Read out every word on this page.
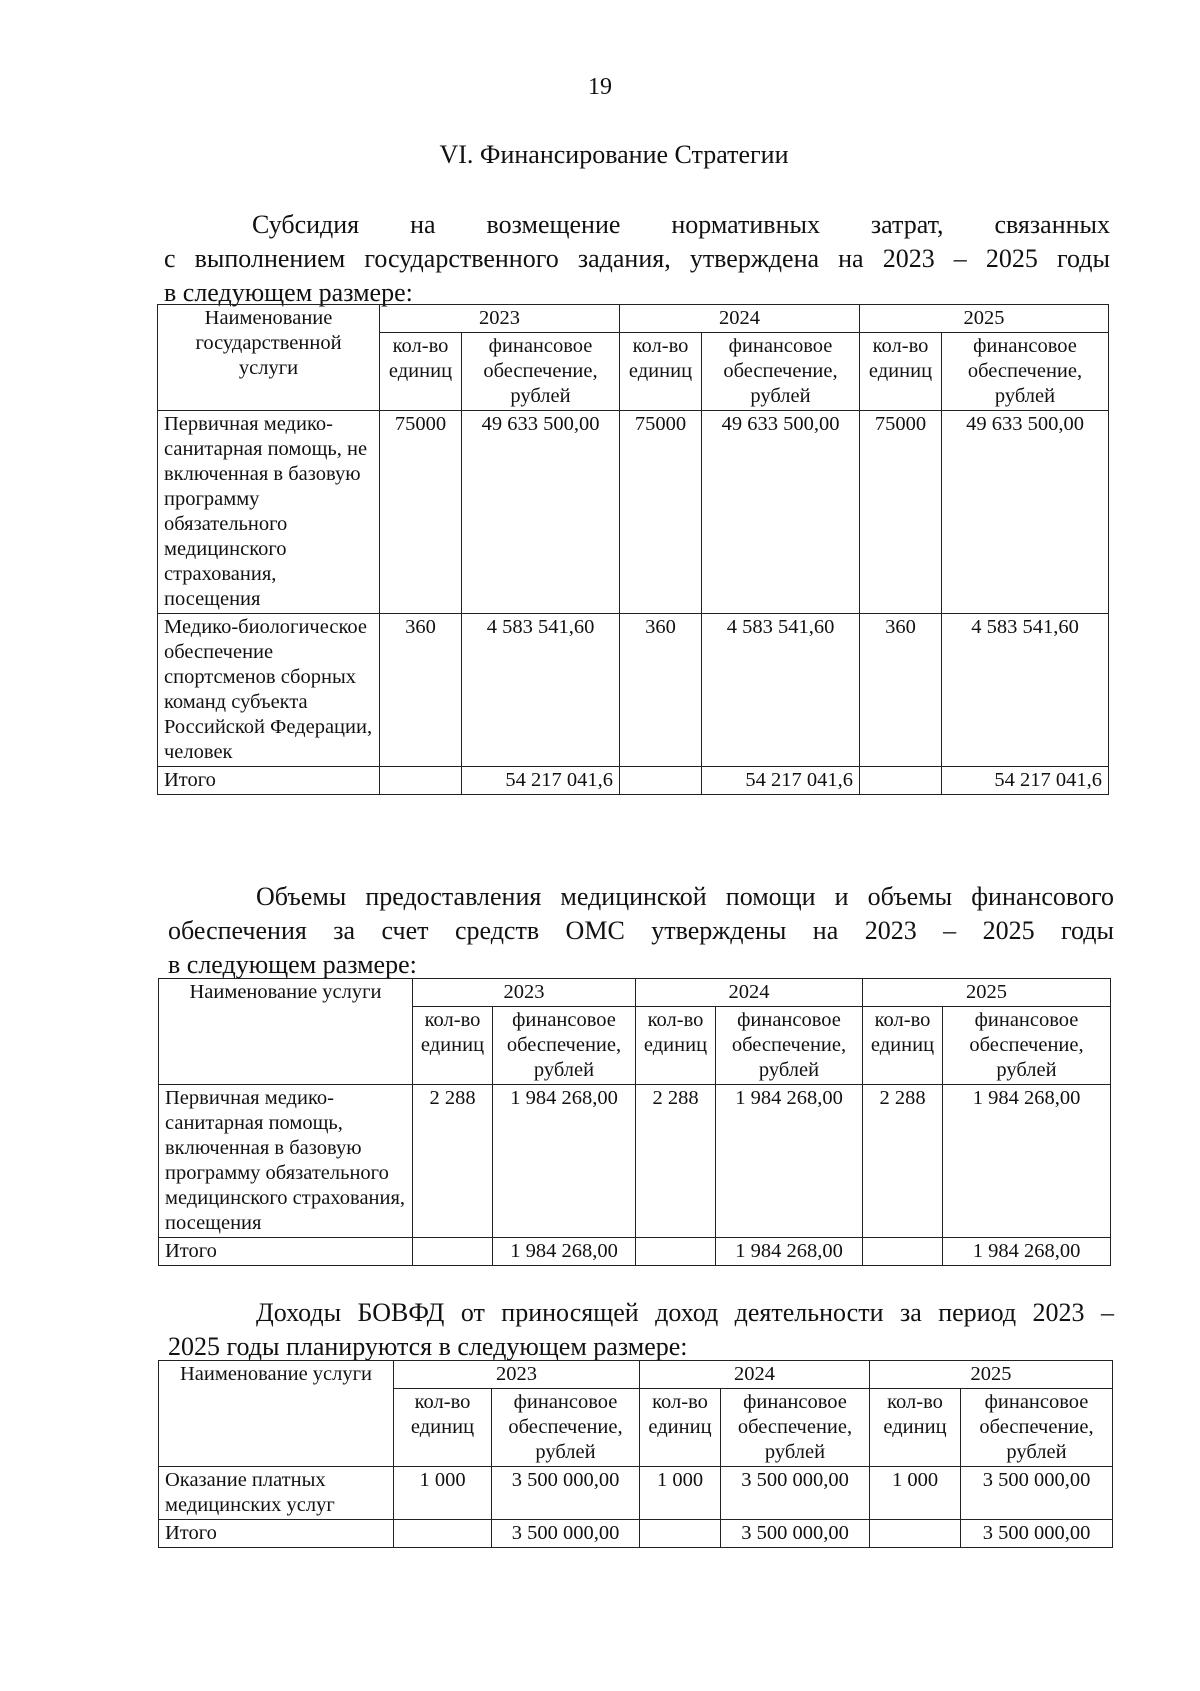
19
VI. Финансирование Стратегии
Субсидия на возмещение нормативных затрат, связанных
с выполнением государственного задания, утверждена на 2023 – 2025 годы
в следующем размере:
Наименование государственной услуги	2023		2024		2025	
	кол-во единиц	финансовое обеспечение, рублей	кол-во единиц	финансовое обеспечение, рублей	кол-во единиц	финансовое обеспечение, рублей
Первичная медико-санитарная помощь, не включенная в базовую программу обязательного медицинского страхования, посещения	75000	49 633 500,00	75000	49 633 500,00	75000	49 633 500,00
Медико-биологическое обеспечение спортсменов сборных команд субъекта Российской Федерации, человек	360	4 583 541,60	360	4 583 541,60	360	4 583 541,60
Итого		54 217 041,6		54 217 041,6		54 217 041,6
Объемы предоставления медицинской помощи и объемы финансового
обеспечения за счет средств ОМС утверждены на 2023 – 2025 годы
в следующем размере:
Наименование услуги	2023		2024		2025	
	кол-во единиц	финансовое обеспечение, рублей	кол-во единиц	финансовое обеспечение, рублей	кол-во единиц	финансовое обеспечение, рублей
Первичная медико-санитарная помощь, включенная в базовую программу обязательного медицинского страхования, посещения	2 288	1 984 268,00	2 288	1 984 268,00	2 288	1 984 268,00
Итого		1 984 268,00		1 984 268,00		1 984 268,00
Доходы БОВФД от приносящей доход деятельности за период 2023 –
2025 годы планируются в следующем размере:
Наименование услуги	2023		2024		2025	
	кол-во единиц	финансовое обеспечение, рублей	кол-во единиц	финансовое обеспечение, рублей	кол-во единиц	финансовое обеспечение, рублей
Оказание платных медицинских услуг	1 000	3 500 000,00	1 000	3 500 000,00	1 000	3 500 000,00
Итого		3 500 000,00		3 500 000,00		3 500 000,00
